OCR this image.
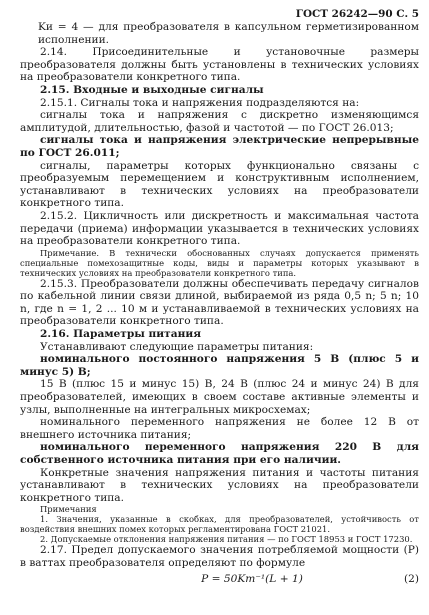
ГОСТ 26242—90 С. 5

Kи = 4 — для преобразователя в капсульном герметизированном исполнении.

2.14. Присоединительные и установочные размеры преобразователя должны быть установлены в технических условиях на преобразователи конкретного типа.

2.15. Входные и выходные сигналы

2.15.1. Сигналы тока и напряжения подразделяются на:

сигналы тока и напряжения с дискретно изменяющимся амплитудой, длительностью, фазой и частотой — по ГОСТ 26.013;

сигналы тока и напряжения электрические непрерывные по ГОСТ 26.011;

сигналы, параметры которых функционально связаны с преобразуемым перемещением и конструктивным исполнением, устанавливают в технических условиях на преобразователи конкретного типа.

2.15.2. Цикличность или дискретность и максимальная частота передачи (приема) информации указывается в технических условиях на преобразователи конкретного типа.

Примечание. В технически обоснованных случаях допускается применять специальные помехозащитные коды, виды и параметры которых указывают в технических условиях на преобразователи конкретного типа.

2.15.3. Преобразователи должны обеспечивать передачу сигналов по кабельной линии связи длиной, выбираемой из ряда 0,5 n; 5 n; 10 n, где n = 1, 2 ... 10 м и устанавливаемой в технических условиях на преобразователи конкретного типа.

2.16. Параметры питания

Устанавливают следующие параметры питания:

номинального постоянного напряжения 5 В (плюс 5 и минус 5) В;

15 В (плюс 15 и минус 15) В, 24 В (плюс 24 и минус 24) В для преобразователей, имеющих в своем составе активные элементы и узлы, выполненные на интегральных микросхемах;

номинального переменного напряжения не более 12 В от внешнего источника питания;

номинального переменного напряжения 220 В для собственного источника питания при его наличии.

Конкретные значения напряжения питания и частоты питания устанавливают в технических условиях на преобразователи конкретного типа.

Примечания

1. Значения, указанные в скобках, для преобразователей, устойчивость от воздействия внешних помех которых регламентирована ГОСТ 21021.

2. Допускаемые отклонения напряжения питания — по ГОСТ 18953 и ГОСТ 17230.

2.17. Предел допускаемого значения потребляемой мощности (Р) в ваттах преобразователя определяют по формуле

P = 50Kт⁻¹(L + 1)	(2)
